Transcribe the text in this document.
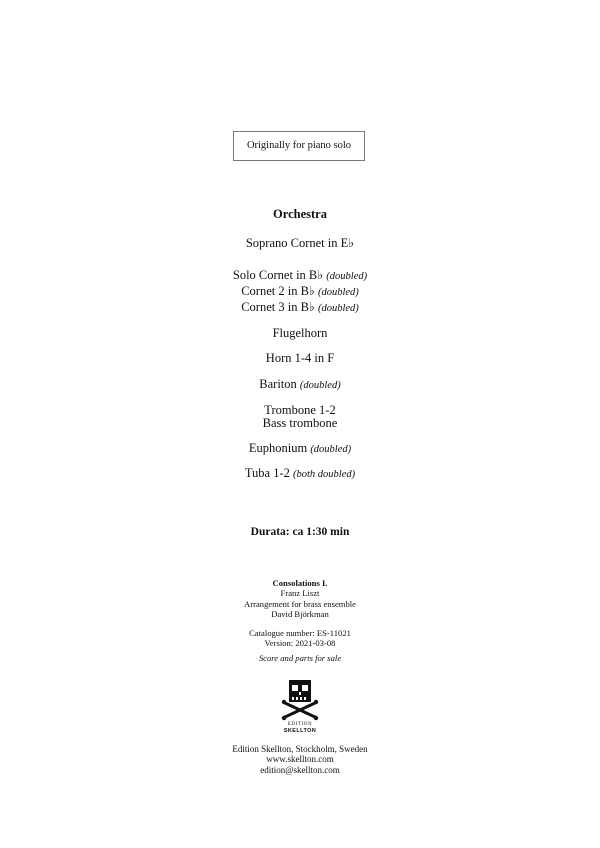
Originally for piano solo
Orchestra
Soprano Cornet in E♭
Solo Cornet in B♭ (doubled)
Cornet 2 in B♭ (doubled)
Cornet 3 in B♭ (doubled)
Flugelhorn
Horn 1-4 in F
Bariton (doubled)
Trombone 1-2
Bass trombone
Euphonium (doubled)
Tuba 1-2 (both doubled)
Durata: ca 1:30 min
Consolations I.
Franz Liszt
Arrangement for brass ensemble
David Björkman
Catalogue number: ES-11021
Version: 2021-03-08
Score and parts for sale
EDITION
SKELLTON
Edition Skellton, Stockholm, Sweden
www.skellton.com
edition@skellton.com
